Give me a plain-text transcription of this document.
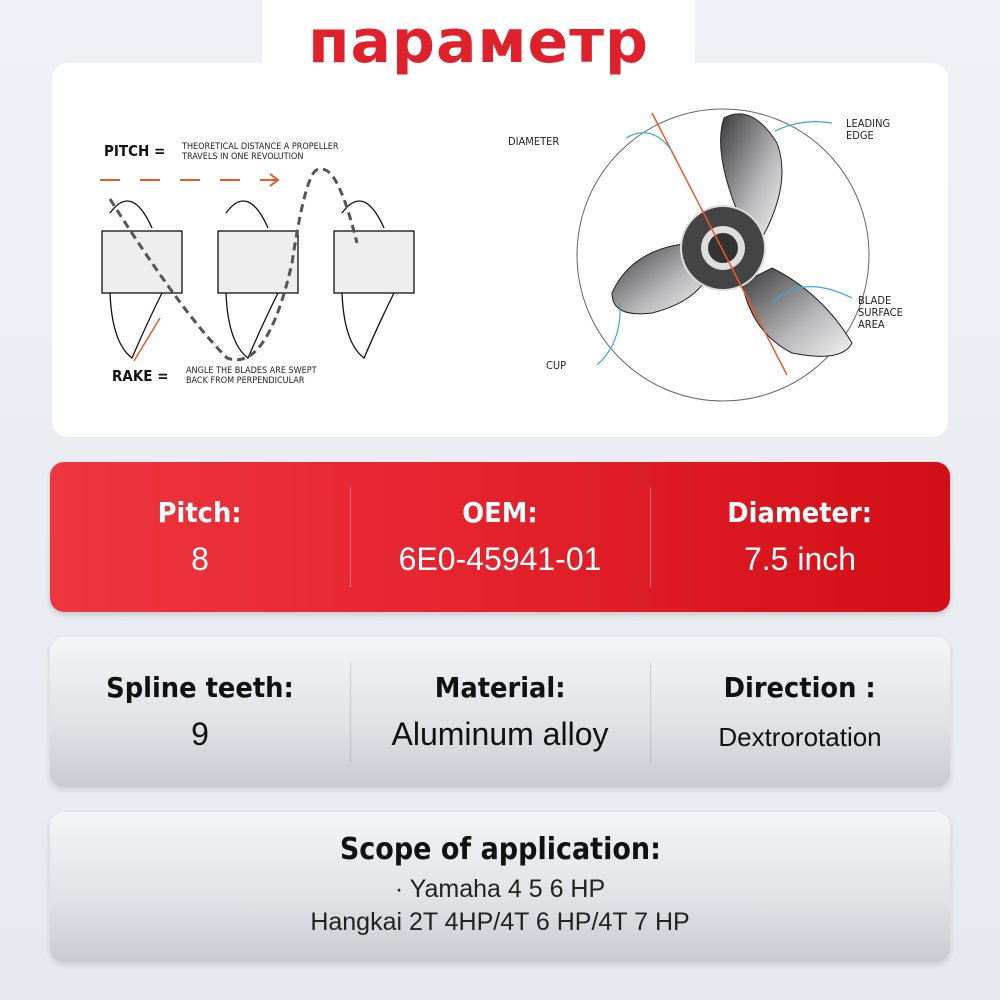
параметр
PITCH = THEORETICAL DISTANCE A PROPELLER
TRAVELS IN ONE REVOLUTION
RAKE = ANGLE THE BLADES ARE SWEPT
BACK FROM PERPENDICULAR
DIAMETER
LEADING
EDGE
BLADE
SURFACE
AREA
CUP
Pitch:
8
OEM:
6E0-45941-01
Diameter:
7.5 inch
Spline teeth:
9
Material:
Aluminum alloy
Direction :
Dextrorotation
Scope of application:
· Yamaha 4 5 6 HP
Hangkai 2T 4HP/4T 6 HP/4T 7 HP
